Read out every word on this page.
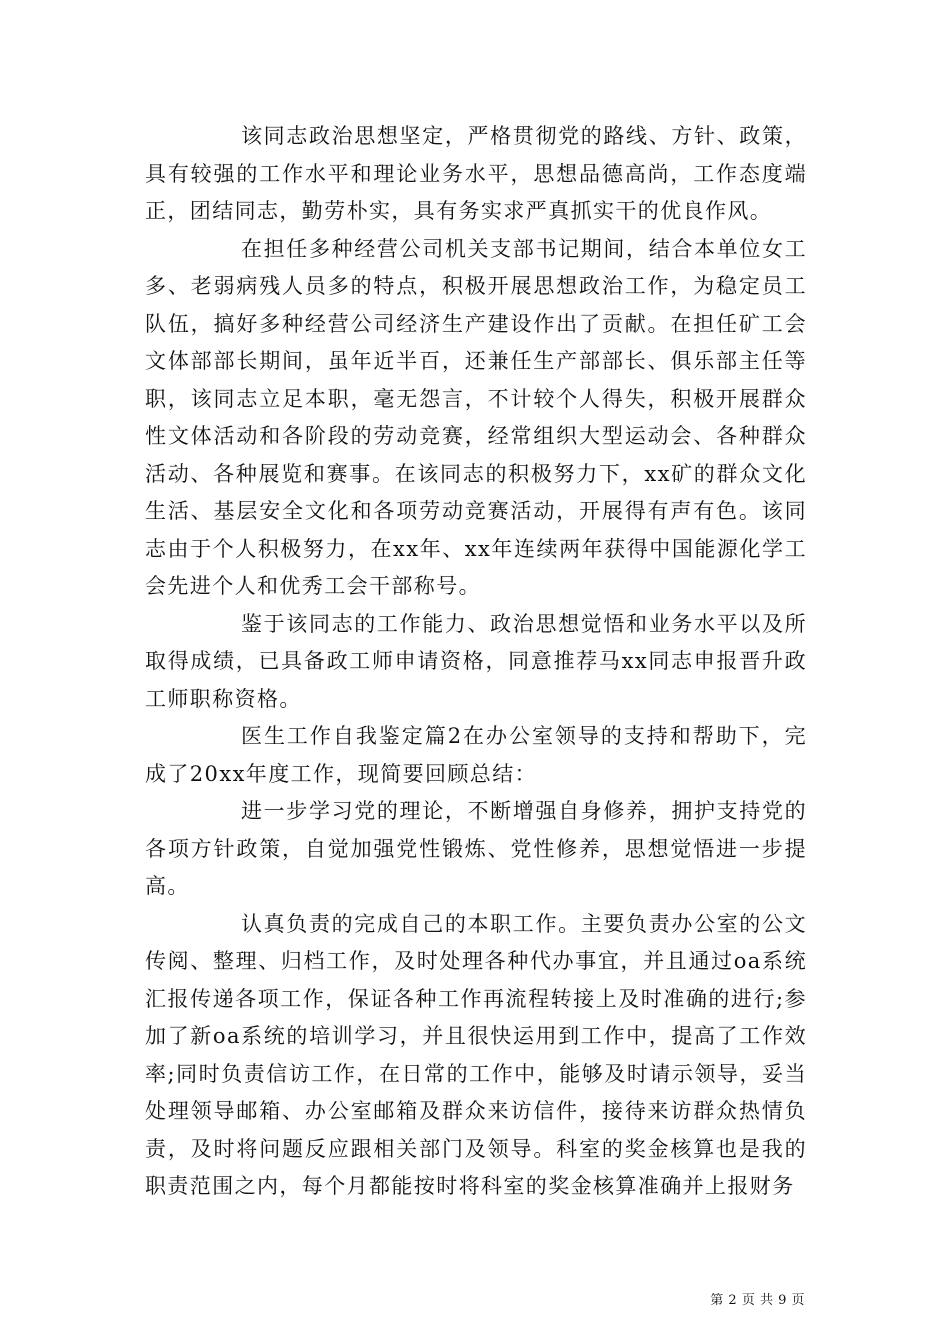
该同志政治思想坚定，严格贯彻党的路线、方针、政策，具有较强的工作水平和理论业务水平，思想品德高尚，工作态度端正，团结同志，勤劳朴实，具有务实求严真抓实干的优良作风。

在担任多种经营公司机关支部书记期间，结合本单位女工多、老弱病残人员多的特点，积极开展思想政治工作，为稳定员工队伍，搞好多种经营公司经济生产建设作出了贡献。在担任矿工会文体部部长期间，虽年近半百，还兼任生产部部长、俱乐部主任等职，该同志立足本职，毫无怨言，不计较个人得失，积极开展群众性文体活动和各阶段的劳动竞赛，经常组织大型运动会、各种群众活动、各种展览和赛事。在该同志的积极努力下，xx矿的群众文化生活、基层安全文化和各项劳动竞赛活动，开展得有声有色。该同志由于个人积极努力，在xx年、xx年连续两年获得中国能源化学工会先进个人和优秀工会干部称号。

鉴于该同志的工作能力、政治思想觉悟和业务水平以及所取得成绩，已具备政工师申请资格，同意推荐马xx同志申报晋升政工师职称资格。

医生工作自我鉴定篇2在办公室领导的支持和帮助下，完成了20xx年度工作，现简要回顾总结：

进一步学习党的理论，不断增强自身修养，拥护支持党的各项方针政策，自觉加强党性锻炼、党性修养，思想觉悟进一步提高。

认真负责的完成自己的本职工作。主要负责办公室的公文传阅、整理、归档工作，及时处理各种代办事宜，并且通过oa系统汇报传递各项工作，保证各种工作再流程转接上及时准确的进行;参加了新oa系统的培训学习，并且很快运用到工作中，提高了工作效率;同时负责信访工作，在日常的工作中，能够及时请示领导，妥当处理领导邮箱、办公室邮箱及群众来访信件，接待来访群众热情负责，及时将问题反应跟相关部门及领导。科室的奖金核算也是我的职责范围之内，每个月都能按时将科室的奖金核算准确并上报财务

第 2 页 共 9 页
